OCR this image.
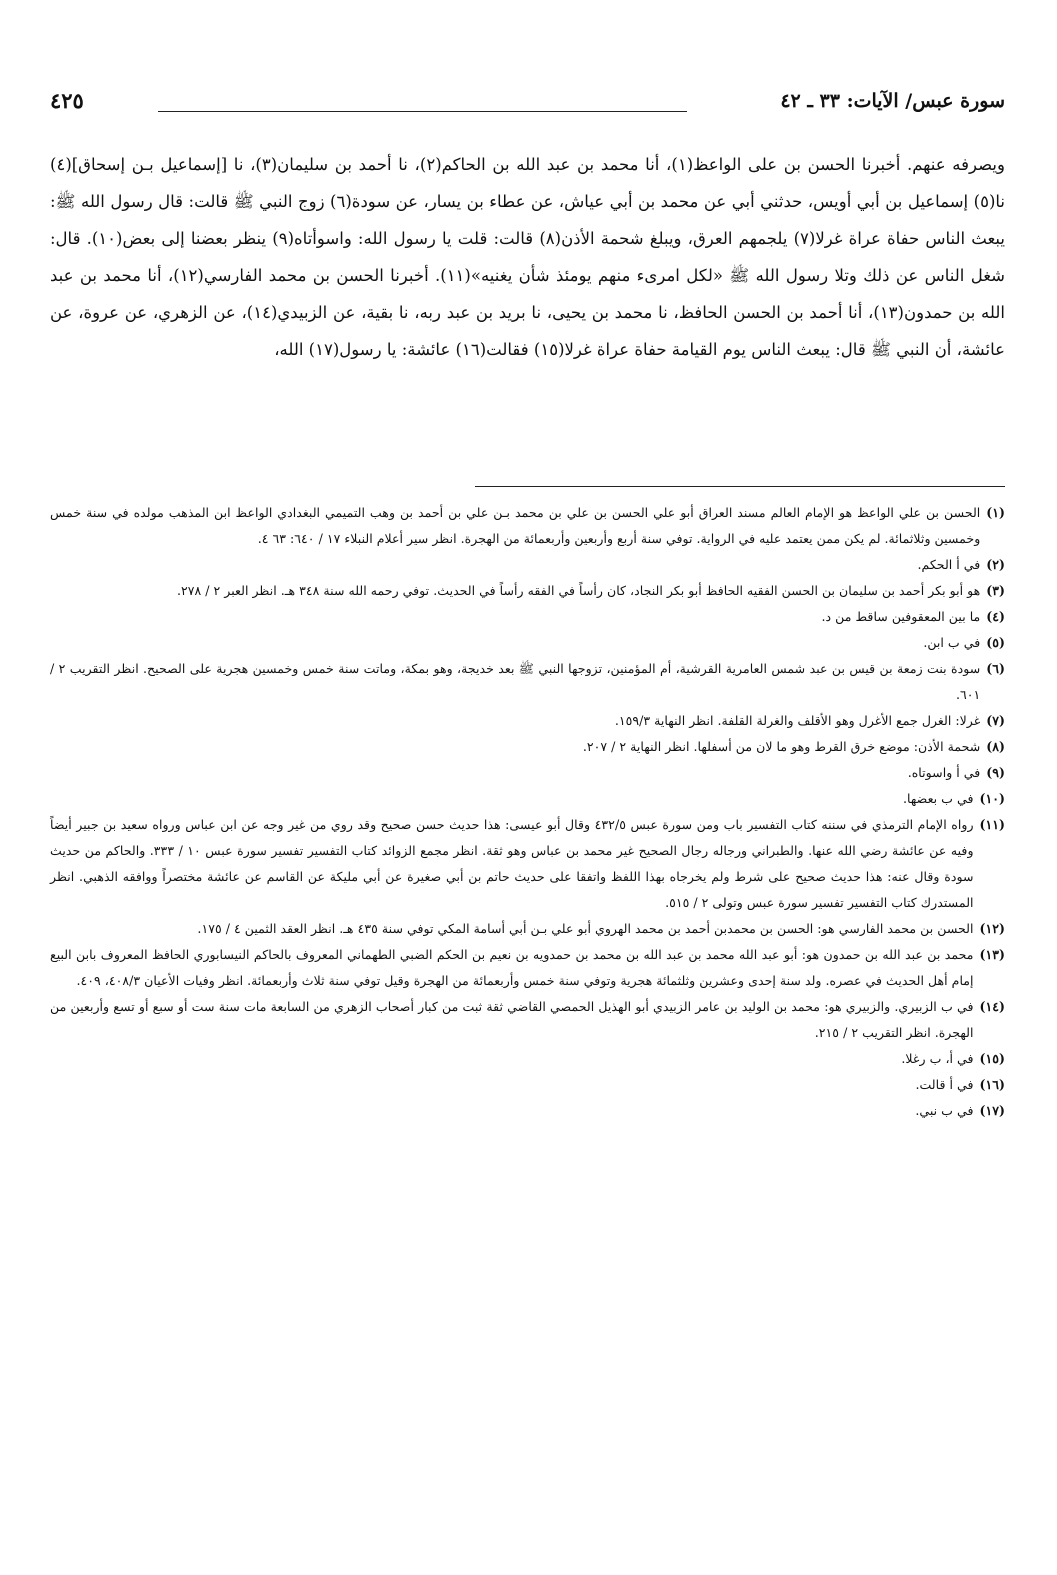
سورة عبس/ الآيات: ٣٣ ـ ٤٢
٤٢٥

ويصرفه عنهم. أخبرنا الحسن بن على الواعظ(١)، أنا محمد بن عبد الله بن الحاكم(٢)، نا أحمد بن سليمان(٣)، نا [إسماعيل بـن إسحاق](٤) نا(٥) إسماعيل بن أبي أويس، حدثني أبي عن محمد بن أبي عياش، عن عطاء بن يسار، عن سودة(٦) زوج النبي ﷺ قالت: قال رسول الله ﷺ: يبعث الناس حفاة عراة غرلا(٧) يلجمهم العرق، ويبلغ شحمة الأذن(٨) قالت: قلت يا رسول الله: واسوأتاه(٩) ينظر بعضنا إلى بعض(١٠). قال: شغل الناس عن ذلك وتلا رسول الله ﷺ «لكل امرىء منهم يومئذ شأن يغنيه»(١١). أخبرنا الحسن بن محمد الفارسي(١٢)، أنا محمد بن عبد الله بن حمدون(١٣)، أنا أحمد بن الحسن الحافظ، نا محمد بن يحيى، نا بريد بن عبد ربه، نا بقية، عن الزبيدي(١٤)، عن الزهري، عن عروة، عن عائشة، أن النبي ﷺ قال: يبعث الناس يوم القيامة حفاة عراة غرلا(١٥) فقالت(١٦) عائشة: يا رسول(١٧) الله،

(١)
الحسن بن علي الواعظ هو الإمام العالم مسند العراق أبو علي الحسن بن علي بن محمد بـن علي بن أحمد بن وهب التميمي البغدادي الواعظ ابن المذهب مولده في سنة خمس وخمسين وثلاثمائة. لم يكن ممن يعتمد عليه في الرواية. توفي سنة أربع وأربعين وأربعمائة من الهجرة. انظر سير أعلام النبلاء ١٧ / ٦٤٠: ٦٣ ٤.
(٢)
في أ الحكم.
(٣)
هو أبو بكر أحمد بن سليمان بن الحسن الفقيه الحافظ أبو بكر النجاد، كان رأساً في الفقه رأساً في الحديث. توفي رحمه الله سنة ٣٤٨ هـ. انظر العبر ٢ / ٢٧٨.
(٤)
ما بين المعقوفين ساقط من د.
(٥)
في ب ابن.
(٦)
سودة بنت زمعة بن قيس بن عبد شمس العامرية القرشية، أم المؤمنين، تزوجها النبي ﷺ بعد خديجة، وهو بمكة، وماتت سنة خمس وخمسين هجرية على الصحيح. انظر التقريب ٢ / ٦٠١.
(٧)
غرلا: الغرل جمع الأغرل وهو الأقلف والغرلة القلفة. انظر النهاية ١٥٩/٣.
(٨)
شحمة الأذن: موضع خرق القرط وهو ما لان من أسفلها. انظر النهاية ٢ / ٢٠٧.
(٩)
في أ واسوتاه.
(١٠)
في ب بعضها.
(١١)
رواه الإمام الترمذي في سننه كتاب التفسير باب ومن سورة عبس ٤٣٢/٥ وقال أبو عيسى: هذا حديث حسن صحيح وقد روي من غير وجه عن ابن عباس ورواه سعيد بن جبير أيضاً وفيه عن عائشة رضي الله عنها. والطبراني ورجاله رجال الصحيح غير محمد بن عباس وهو ثقة. انظر مجمع الزوائد كتاب التفسير تفسير سورة عبس ١٠ / ٣٣٣. والحاكم من حديث سودة وقال عنه: هذا حديث صحيح على شرط ولم يخرجاه بهذا اللفظ واتفقا على حديث حاتم بن أبي صغيرة عن أبي مليكة عن القاسم عن عائشة مختصراً ووافقه الذهبي. انظر المستدرك كتاب التفسير تفسير سورة عبس وتولى ٢ / ٥١٥.
(١٢)
الحسن بن محمد الفارسي هو: الحسن بن محمدبن أحمد بن محمد الهروي أبو علي بـن أبي أسامة المكي توفي سنة ٤٣٥ هـ. انظر العقد الثمين ٤ / ١٧٥.
(١٣)
محمد بن عبد الله بن حمدون هو: أبو عبد الله محمد بن عبد الله بن محمد بن حمدويه بن نعيم بن الحكم الضبي الطهماني المعروف بالحاكم النيسابوري الحافظ المعروف بابن البيع إمام أهل الحديث في عصره. ولد سنة إحدى وعشرين وثلثمائة هجرية وتوفي سنة خمس وأربعمائة من الهجرة وقيل توفي سنة ثلاث وأربعمائة. انظر وفيات الأعيان ٤٠٨/٣، ٤٠٩.
(١٤)
في ب الزبيري. والزبيري هو: محمد بن الوليد بن عامر الزبيدي أبو الهذيل الحمصي القاضي ثقة ثبت من كبار أصحاب الزهري من السابعة مات سنة ست أو سبع أو تسع وأربعين من الهجرة. انظر التقريب ٢ / ٢١٥.
(١٥)
في أ، ب رغلا.
(١٦)
في أ قالت.
(١٧)
في ب نبي.
